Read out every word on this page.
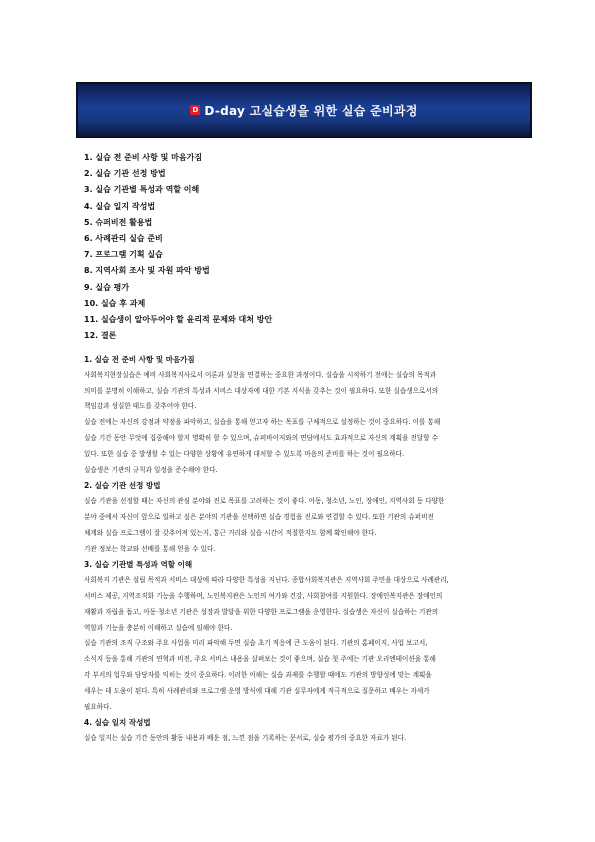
D D-day 고실습생을 위한 실습 준비과정
1. 실습 전 준비 사항 및 마음가짐
2. 실습 기관 선정 방법
3. 실습 기관별 특성과 역할 이해
4. 실습 일지 작성법
5. 슈퍼비전 활용법
6. 사례관리 실습 준비
7. 프로그램 기획 실습
8. 지역사회 조사 및 자원 파악 방법
9. 실습 평가
10. 실습 후 과제
11. 실습생이 알아두어야 할 윤리적 문제와 대처 방안
12. 결론
1. 실습 전 준비 사항 및 마음가짐
사회복지현장실습은 예비 사회복지사로서 이론과 실천을 연결하는 중요한 과정이다. 실습을 시작하기 전에는 실습의 목적과
의미를 분명히 이해하고, 실습 기관의 특성과 서비스 대상자에 대한 기본 지식을 갖추는 것이 필요하다. 또한 실습생으로서의
책임감과 성실한 태도를 갖추어야 한다.
실습 전에는 자신의 강점과 약점을 파악하고, 실습을 통해 얻고자 하는 목표를 구체적으로 설정하는 것이 중요하다. 이를 통해
실습 기간 동안 무엇에 집중해야 할지 명확히 할 수 있으며, 슈퍼바이저와의 면담에서도 효과적으로 자신의 계획을 전달할 수
있다. 또한 실습 중 발생할 수 있는 다양한 상황에 유연하게 대처할 수 있도록 마음의 준비를 하는 것이 필요하다.
실습생은 기관의 규칙과 일정을 준수해야 한다.
2. 실습 기관 선정 방법
실습 기관을 선정할 때는 자신의 관심 분야와 진로 목표를 고려하는 것이 좋다. 아동, 청소년, 노인, 장애인, 지역사회 등 다양한
분야 중에서 자신이 앞으로 일하고 싶은 분야의 기관을 선택하면 실습 경험을 진로와 연결할 수 있다. 또한 기관의 슈퍼비전
체계와 실습 프로그램이 잘 갖추어져 있는지, 통근 거리와 실습 시간이 적절한지도 함께 확인해야 한다.
기관 정보는 학교와 선배를 통해 얻을 수 있다.
3. 실습 기관별 특성과 역할 이해
사회복지 기관은 설립 목적과 서비스 대상에 따라 다양한 특성을 지닌다. 종합사회복지관은 지역사회 주민을 대상으로 사례관리,
서비스 제공, 지역조직화 기능을 수행하며, 노인복지관은 노인의 여가와 건강, 사회참여를 지원한다. 장애인복지관은 장애인의
재활과 자립을 돕고, 아동·청소년 기관은 성장과 발달을 위한 다양한 프로그램을 운영한다. 실습생은 자신이 실습하는 기관의
역할과 기능을 충분히 이해하고 실습에 임해야 한다.
실습 기관의 조직 구조와 주요 사업을 미리 파악해 두면 실습 초기 적응에 큰 도움이 된다. 기관의 홈페이지, 사업 보고서,
소식지 등을 통해 기관의 연혁과 비전, 주요 서비스 내용을 살펴보는 것이 좋으며, 실습 첫 주에는 기관 오리엔테이션을 통해
각 부서의 업무와 담당자를 익히는 것이 중요하다. 이러한 이해는 실습 과제를 수행할 때에도 기관의 방향성에 맞는 계획을
세우는 데 도움이 된다. 특히 사례관리와 프로그램 운영 방식에 대해 기관 실무자에게 적극적으로 질문하고 배우는 자세가
필요하다.
4. 실습 일지 작성법
실습 일지는 실습 기간 동안의 활동 내용과 배운 점, 느낀 점을 기록하는 문서로, 실습 평가의 중요한 자료가 된다.
